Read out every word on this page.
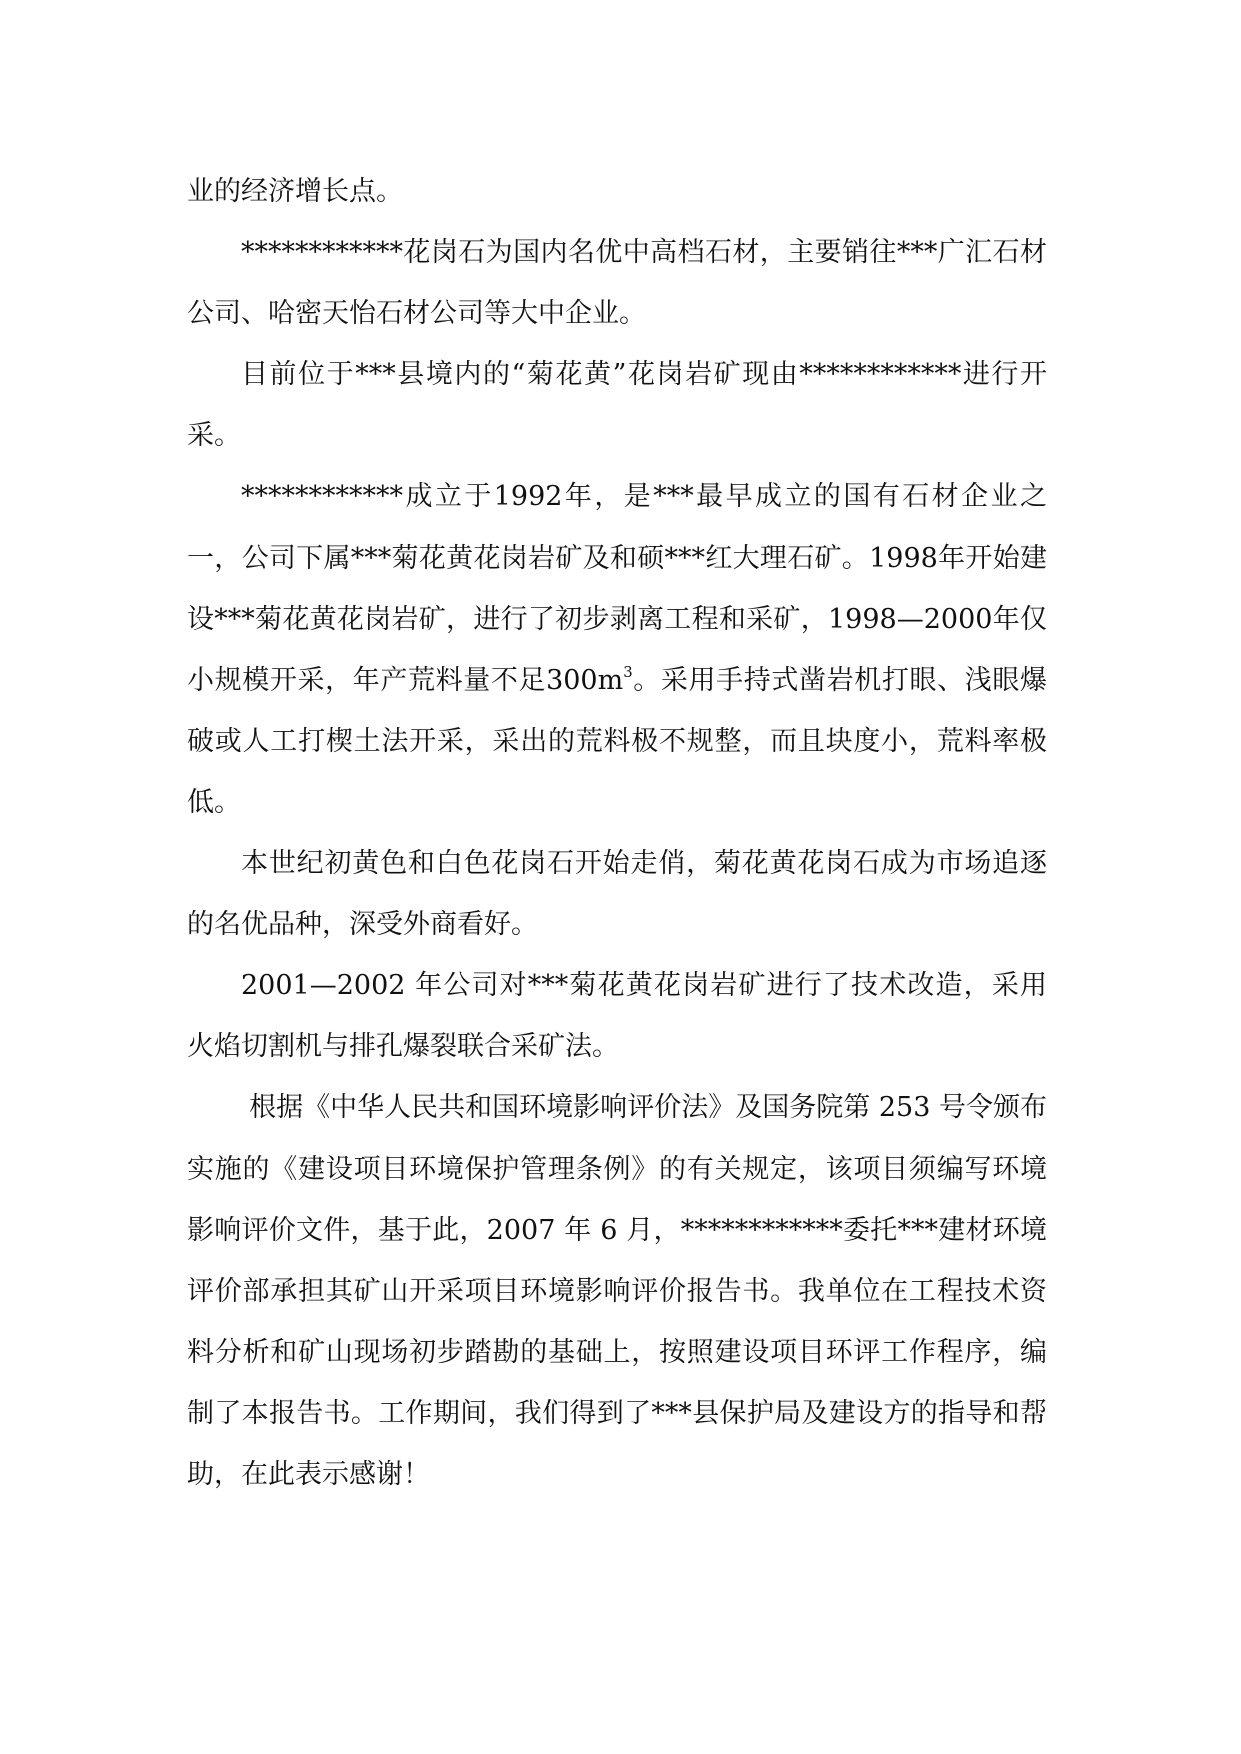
业的经济增长点。

************花岗石为国内名优中高档石材，主要销往***广汇石材公司、哈密天怡石材公司等大中企业。

目前位于***县境内的“菊花黄”花岗岩矿现由************进行开采。

************成立于1992年，是***最早成立的国有石材企业之一，公司下属***菊花黄花岗岩矿及和硕***红大理石矿。1998年开始建设***菊花黄花岗岩矿，进行了初步剥离工程和采矿，1998—2000年仅小规模开采，年产荒料量不足$300m^3$。采用手持式凿岩机打眼、浅眼爆破或人工打楔土法开采，采出的荒料极不规整，而且块度小，荒料率极低。

本世纪初黄色和白色花岗石开始走俏，菊花黄花岗石成为市场追逐的名优品种，深受外商看好。

2001—2002 年公司对***菊花黄花岗岩矿进行了技术改造，采用火焰切割机与排孔爆裂联合采矿法。

根据《中华人民共和国环境影响评价法》及国务院第 253 号令颁布实施的《建设项目环境保护管理条例》的有关规定，该项目须编写环境影响评价文件，基于此，2007 年 6 月，************委托***建材环境评价部承担其矿山开采项目环境影响评价报告书。我单位在工程技术资料分析和矿山现场初步踏勘的基础上，按照建设项目环评工作程序，编制了本报告书。工作期间，我们得到了***县保护局及建设方的指导和帮助，在此表示感谢！
